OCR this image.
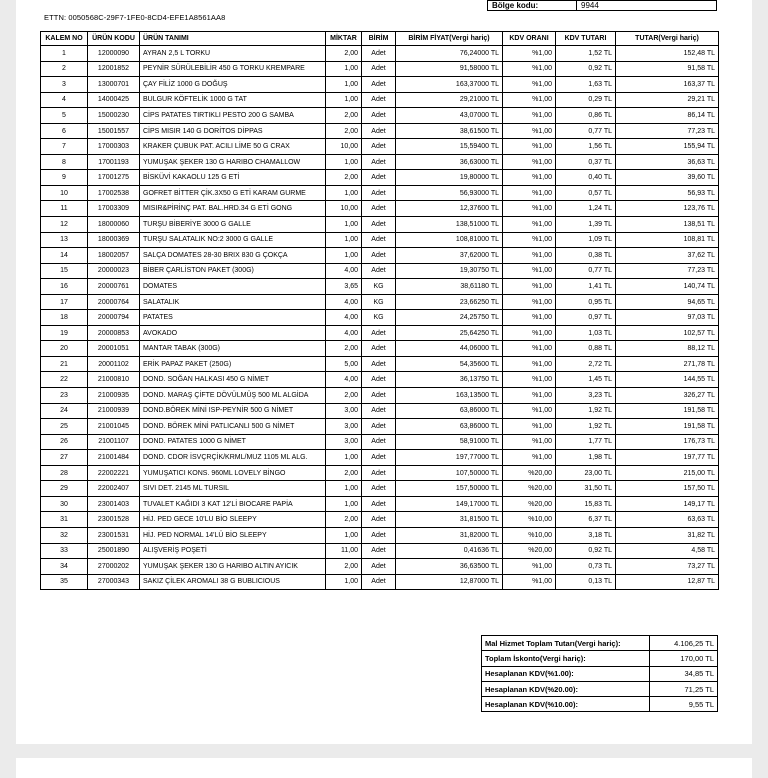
Bölge kodu:	9944
ETTN: 0050568C-29F7-1FE0-8CD4-EFE1A8561AA8
KALEM NO	ÜRÜN KODU	ÜRÜN TANIMI	MİKTAR	BİRİM	BİRİM FİYAT(Vergi hariç)	KDV ORANI	KDV TUTARI	TUTAR(Vergi hariç)
1	12000090	AYRAN 2,5 L TORKU	2,00	Adet	76,24000 TL	%1,00	1,52 TL	152,48 TL
2	12001852	PEYNİR SÜRÜLEBİLİR 450 G TORKU KREMPARE	1,00	Adet	91,58000 TL	%1,00	0,92 TL	91,58 TL
3	13000701	ÇAY FİLİZ 1000 G DOĞUŞ	1,00	Adet	163,37000 TL	%1,00	1,63 TL	163,37 TL
4	14000425	BULGUR KÖFTELİK 1000 G TAT	1,00	Adet	29,21000 TL	%1,00	0,29 TL	29,21 TL
5	15000230	CİPS PATATES TIRTIKLI PESTO 200 G SAMBA	2,00	Adet	43,07000 TL	%1,00	0,86 TL	86,14 TL
6	15001557	CİPS MISIR 140 G DORİTOS DİPPAS	2,00	Adet	38,61500 TL	%1,00	0,77 TL	77,23 TL
7	17000303	KRAKER ÇUBUK PAT. ACILI LİME 50 G CRAX	10,00	Adet	15,59400 TL	%1,00	1,56 TL	155,94 TL
8	17001193	YUMUŞAK ŞEKER 130 G HARIBO CHAMALLOW	1,00	Adet	36,63000 TL	%1,00	0,37 TL	36,63 TL
9	17001275	BİSKÜVİ KAKAOLU 125 G ETİ	2,00	Adet	19,80000 TL	%1,00	0,40 TL	39,60 TL
10	17002538	GOFRET BİTTER ÇİK.3X50 G ETİ KARAM GURME	1,00	Adet	56,93000 TL	%1,00	0,57 TL	56,93 TL
11	17003309	MISIR&PİRİNÇ PAT. BAL.HRD.34 G ETİ GONG	10,00	Adet	12,37600 TL	%1,00	1,24 TL	123,76 TL
12	18000060	TURŞU BİBERİYE 3000 G GALLE	1,00	Adet	138,51000 TL	%1,00	1,39 TL	138,51 TL
13	18000369	TURŞU SALATALIK NO:2 3000 G GALLE	1,00	Adet	108,81000 TL	%1,00	1,09 TL	108,81 TL
14	18002057	SALÇA DOMATES 28-30 BRIX 830 G ÇOKÇA	1,00	Adet	37,62000 TL	%1,00	0,38 TL	37,62 TL
15	20000023	BİBER ÇARLİSTON PAKET (300G)	4,00	Adet	19,30750 TL	%1,00	0,77 TL	77,23 TL
16	20000761	DOMATES	3,65	KG	38,61180 TL	%1,00	1,41 TL	140,74 TL
17	20000764	SALATALIK	4,00	KG	23,66250 TL	%1,00	0,95 TL	94,65 TL
18	20000794	PATATES	4,00	KG	24,25750 TL	%1,00	0,97 TL	97,03 TL
19	20000853	AVOKADO	4,00	Adet	25,64250 TL	%1,00	1,03 TL	102,57 TL
20	20001051	MANTAR TABAK (300G)	2,00	Adet	44,06000 TL	%1,00	0,88 TL	88,12 TL
21	20001102	ERİK PAPAZ PAKET (250G)	5,00	Adet	54,35600 TL	%1,00	2,72 TL	271,78 TL
22	21000810	DOND. SOĞAN HALKASI 450 G NİMET	4,00	Adet	36,13750 TL	%1,00	1,45 TL	144,55 TL
23	21000935	DOND. MARAŞ ÇİFTE DÖVÜLMÜŞ 500 ML ALGİDA	2,00	Adet	163,13500 TL	%1,00	3,23 TL	326,27 TL
24	21000939	DOND.BÖREK MİNİ ISP-PEYNİR 500 G NİMET	3,00	Adet	63,86000 TL	%1,00	1,92 TL	191,58 TL
25	21001045	DOND. BÖREK MİNİ PATLICANLI 500 G NİMET	3,00	Adet	63,86000 TL	%1,00	1,92 TL	191,58 TL
26	21001107	DOND. PATATES 1000 G NİMET	3,00	Adet	58,91000 TL	%1,00	1,77 TL	176,73 TL
27	21001484	DOND. CDOR İSVÇRÇİK/KRML/MUZ 1105 ML ALG.	1,00	Adet	197,77000 TL	%1,00	1,98 TL	197,77 TL
28	22002221	YUMUŞATICI KONS. 960ML LOVELY BİNGO	2,00	Adet	107,50000 TL	%20,00	23,00 TL	215,00 TL
29	22002407	SIVI DET. 2145 ML TURSIL	1,00	Adet	157,50000 TL	%20,00	31,50 TL	157,50 TL
30	23001403	TUVALET KAĞIDI 3 KAT 12'Lİ BIOCARE PAPİA	1,00	Adet	149,17000 TL	%20,00	15,83 TL	149,17 TL
31	23001528	HİJ. PED GECE 10'LU BİO SLEEPY	2,00	Adet	31,81500 TL	%10,00	6,37 TL	63,63 TL
32	23001531	HİJ. PED NORMAL 14'LÜ BİO SLEEPY	1,00	Adet	31,82000 TL	%10,00	3,18 TL	31,82 TL
33	25001890	ALIŞVERİŞ POŞETİ	11,00	Adet	0,41636 TL	%20,00	0,92 TL	4,58 TL
34	27000202	YUMUŞAK ŞEKER 130 G HARIBO ALTIN AYICIK	2,00	Adet	36,63500 TL	%1,00	0,73 TL	73,27 TL
35	27000343	SAKIZ ÇİLEK AROMALI 38 G BUBLICIOUS	1,00	Adet	12,87000 TL	%1,00	0,13 TL	12,87 TL
Mal Hizmet Toplam Tutarı(Vergi hariç):	4.106,25 TL
Toplam İskonto(Vergi hariç):	170,00 TL
Hesaplanan KDV(%1.00):	34,85 TL
Hesaplanan KDV(%20.00):	71,25 TL
Hesaplanan KDV(%10.00):	9,55 TL
